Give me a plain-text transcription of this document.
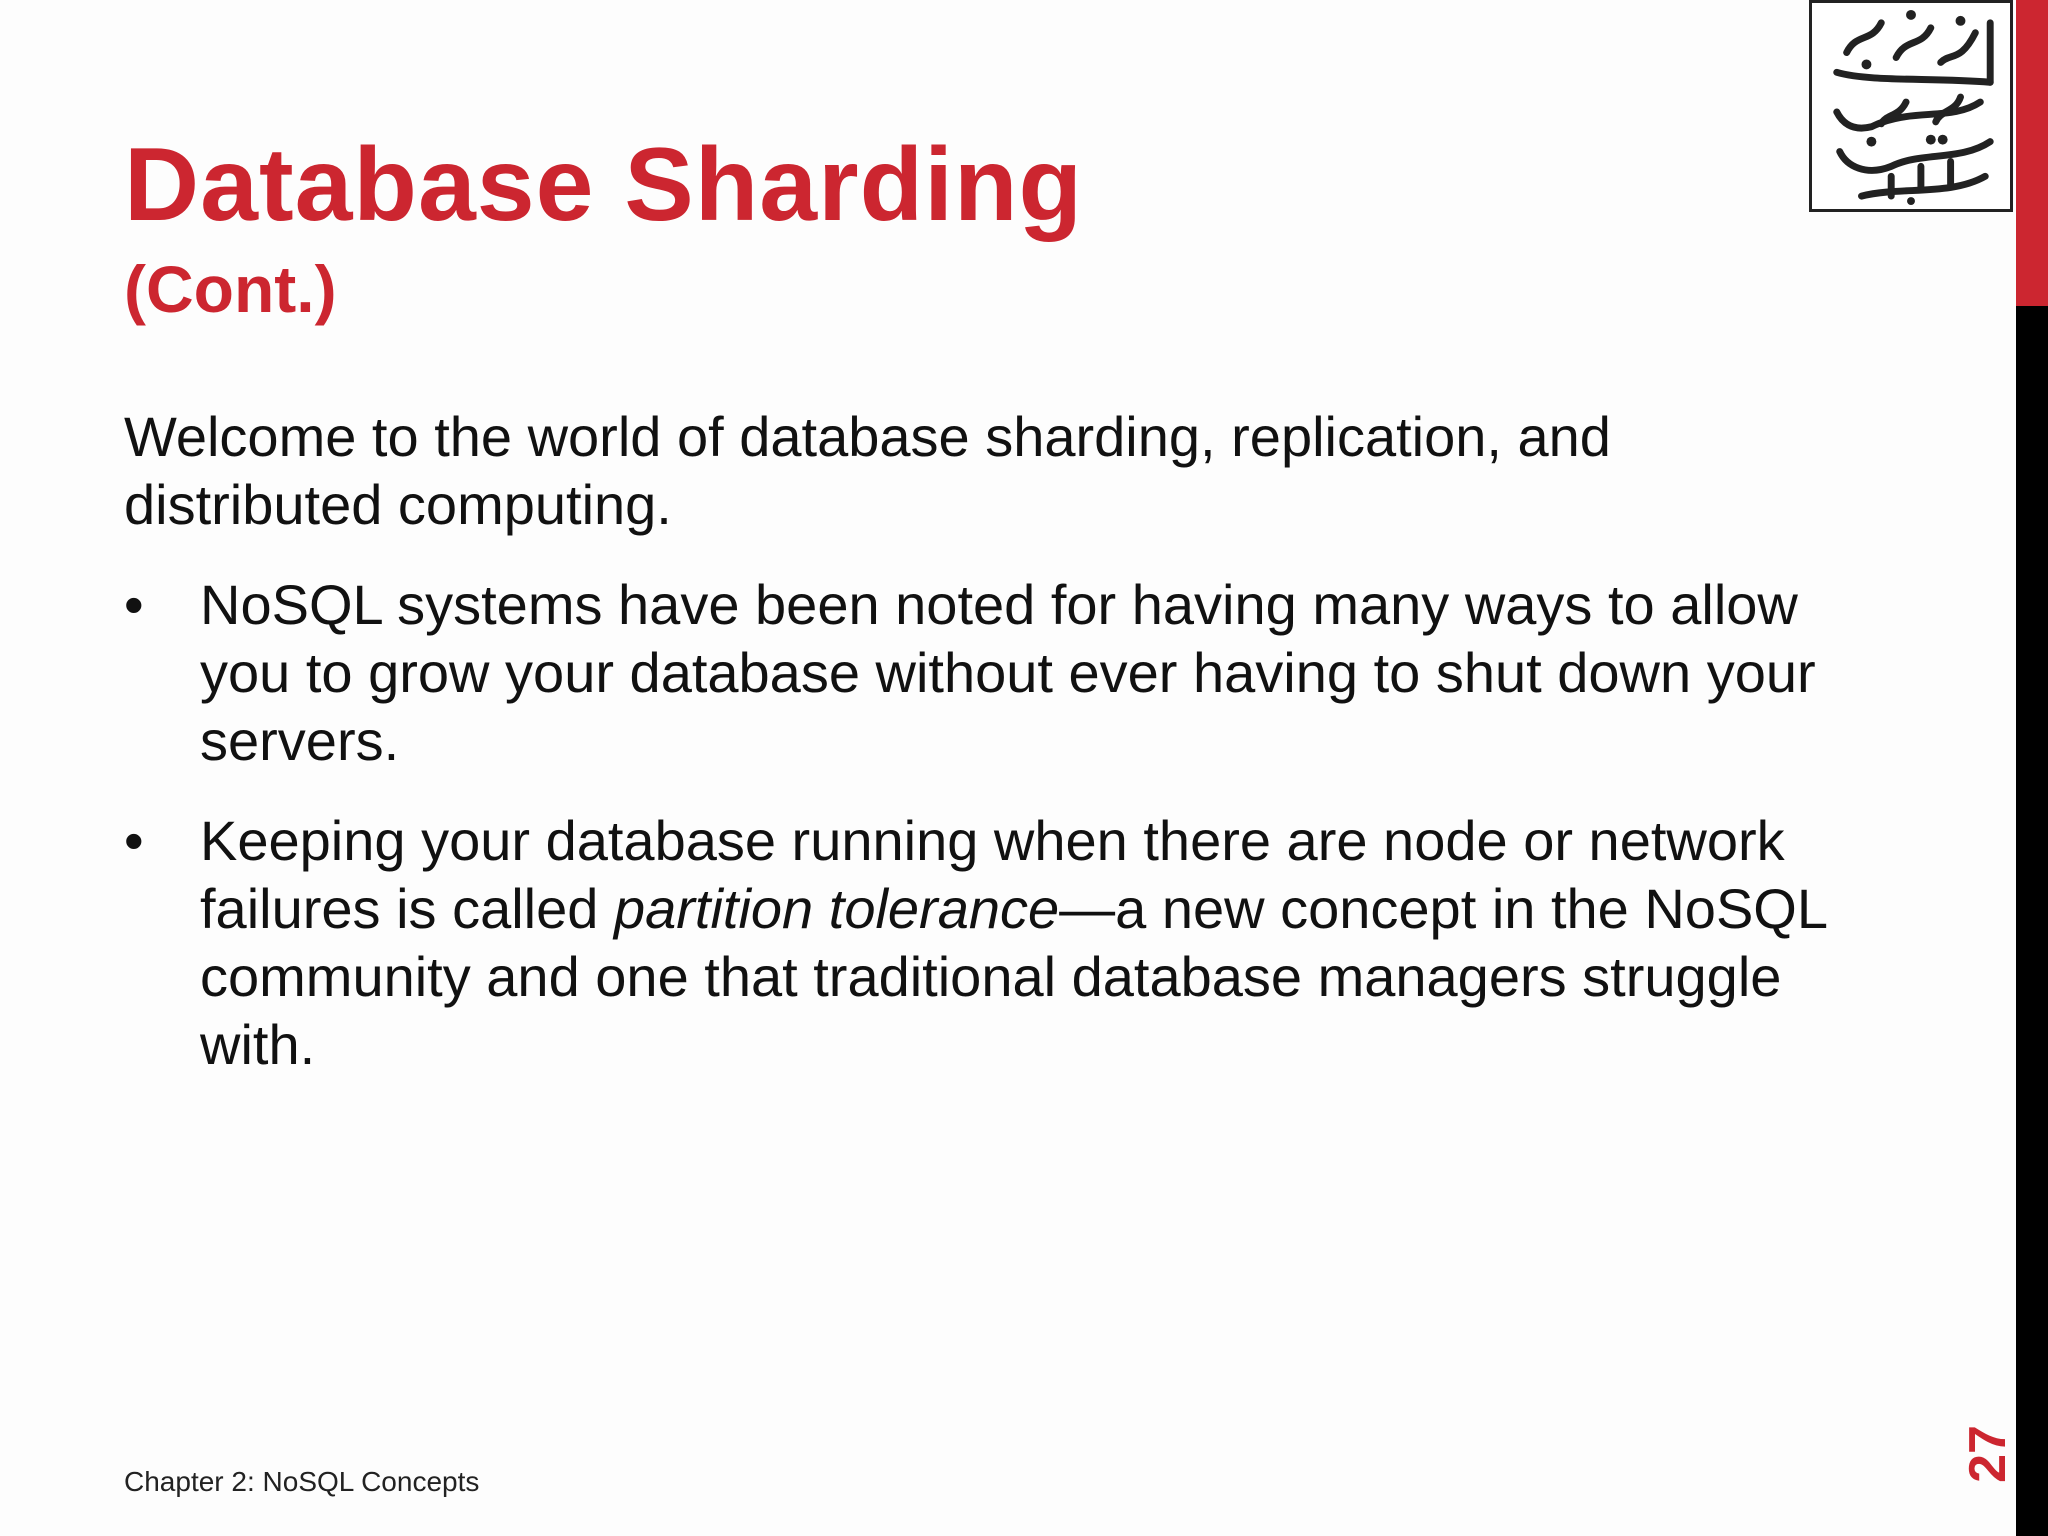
Database Sharding
(Cont.)

Welcome to the world of database sharding, replication, and distributed computing.

• NoSQL systems have been noted for having many ways to allow you to grow your database without ever having to shut down your servers.
• Keeping your database running when there are node or network failures is called partition tolerance—a new concept in the NoSQL community and one that traditional database managers struggle with.
Chapter 2: NoSQL Concepts	27
